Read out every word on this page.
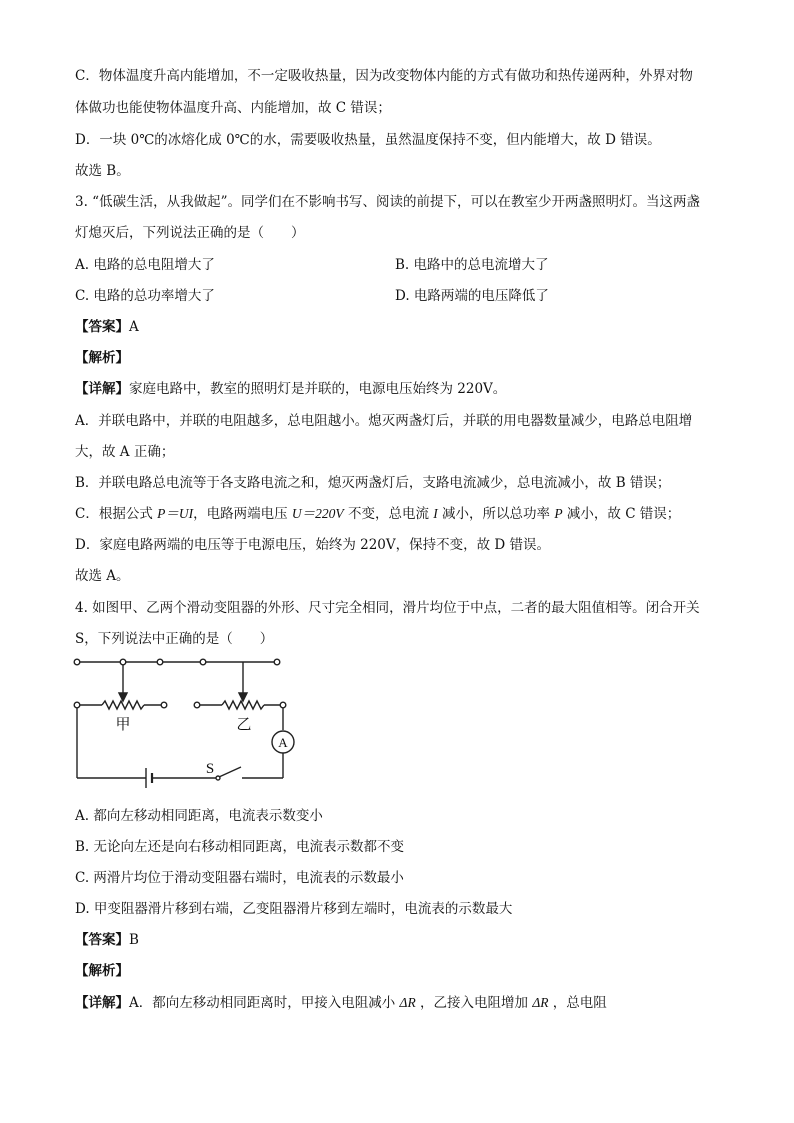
C．物体温度升高内能增加，不一定吸收热量，因为改变物体内能的方式有做功和热传递两种，外界对物
体做功也能使物体温度升高、内能增加，故 C 错误；
D．一块 0℃的冰熔化成 0℃的水，需要吸收热量，虽然温度保持不变，但内能增大，故 D 错误。
故选 B。
3. “低碳生活，从我做起”。同学们在不影响书写、阅读的前提下，可以在教室少开两盏照明灯。当这两盏
灯熄灭后，下列说法正确的是（　　）
A. 电路的总电阻增大了	B. 电路中的总电流增大了
C. 电路的总功率增大了	D. 电路两端的电压降低了
【答案】A
【解析】
【详解】家庭电路中，教室的照明灯是并联的，电源电压始终为 220V。
A．并联电路中，并联的电阻越多，总电阻越小。熄灭两盏灯后，并联的用电器数量减少，电路总电阻增
大，故 A 正确；
B．并联电路总电流等于各支路电流之和，熄灭两盏灯后，支路电流减少，总电流减小，故 B 错误；
C．根据公式 P＝UI，电路两端电压 U＝220V 不变，总电流 I 减小，所以总功率 P 减小，故 C 错误；
D．家庭电路两端的电压等于电源电压，始终为 220V，保持不变，故 D 错误。
故选 A。
4. 如图甲、乙两个滑动变阻器的外形、尺寸完全相同，滑片均位于中点，二者的最大阻值相等。闭合开关
S，下列说法中正确的是（　　）
甲	乙
A
S
A. 都向左移动相同距离，电流表示数变小
B. 无论向左还是向右移动相同距离，电流表示数都不变
C. 两滑片均位于滑动变阻器右端时，电流表的示数最小
D. 甲变阻器滑片移到右端，乙变阻器滑片移到左端时，电流表的示数最大
【答案】B
【解析】
【详解】A．都向左移动相同距离时，甲接入电阻减小 ΔR ，乙接入电阻增加 ΔR ，总电阻
